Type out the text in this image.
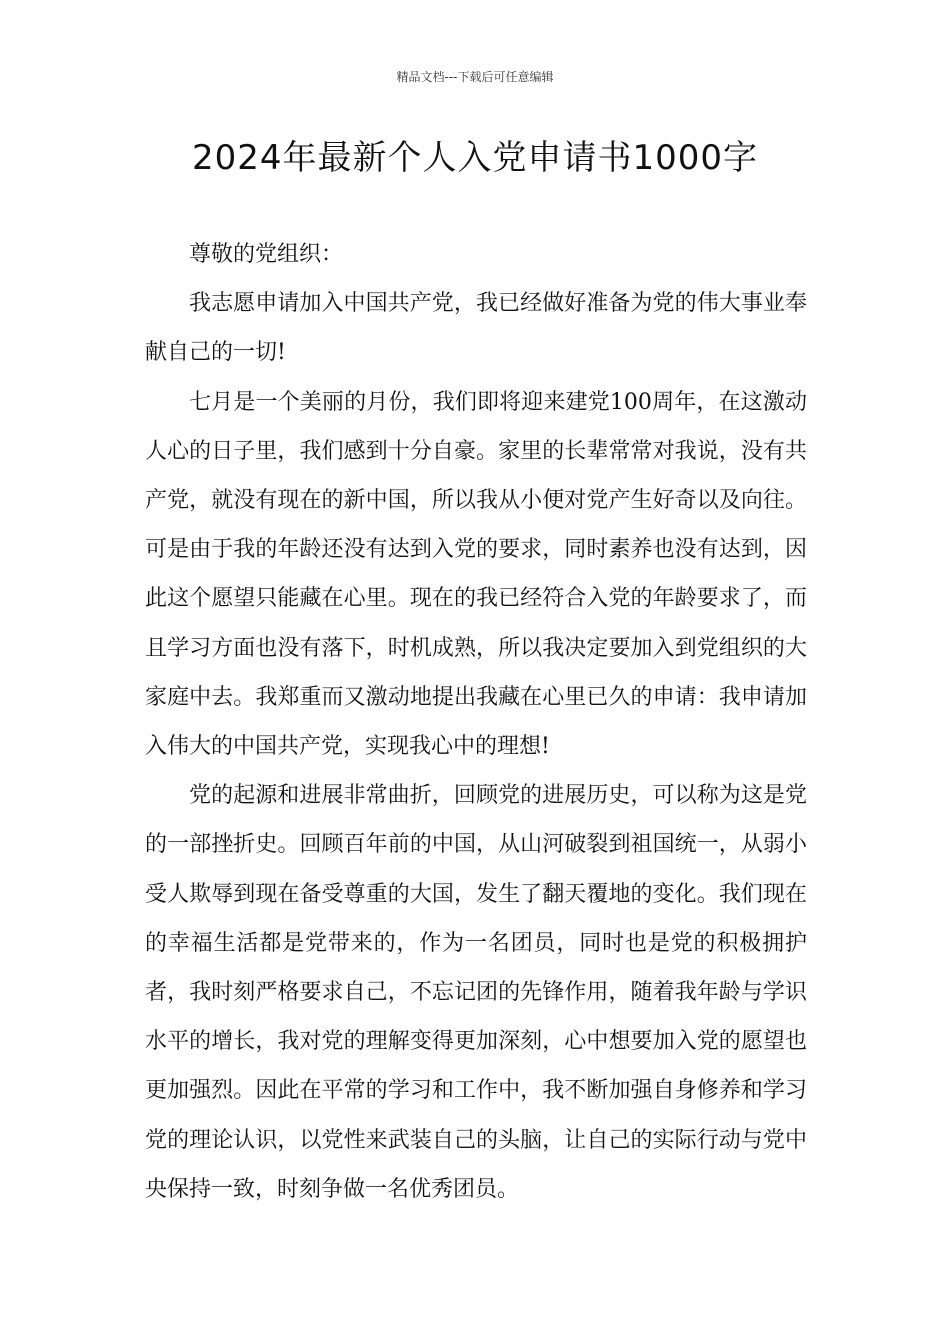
精品文档---下载后可任意编辑
2024年最新个人入党申请书1000字

尊敬的党组织：

我志愿申请加入中国共产党，我已经做好准备为党的伟大事业奉献自己的一切!

七月是一个美丽的月份，我们即将迎来建党100周年，在这激动人心的日子里，我们感到十分自豪。家里的长辈常常对我说，没有共产党，就没有现在的新中国，所以我从小便对党产生好奇以及向往。可是由于我的年龄还没有达到入党的要求，同时素养也没有达到，因此这个愿望只能藏在心里。现在的我已经符合入党的年龄要求了，而且学习方面也没有落下，时机成熟，所以我决定要加入到党组织的大家庭中去。我郑重而又激动地提出我藏在心里已久的申请：我申请加入伟大的中国共产党，实现我心中的理想!

党的起源和进展非常曲折，回顾党的进展历史，可以称为这是党的一部挫折史。回顾百年前的中国，从山河破裂到祖国统一，从弱小受人欺辱到现在备受尊重的大国，发生了翻天覆地的变化。我们现在的幸福生活都是党带来的，作为一名团员，同时也是党的积极拥护者，我时刻严格要求自己，不忘记团的先锋作用，随着我年龄与学识水平的增长，我对党的理解变得更加深刻，心中想要加入党的愿望也更加强烈。因此在平常的学习和工作中，我不断加强自身修养和学习党的理论认识，以党性来武装自己的头脑，让自己的实际行动与党中央保持一致，时刻争做一名优秀团员。
